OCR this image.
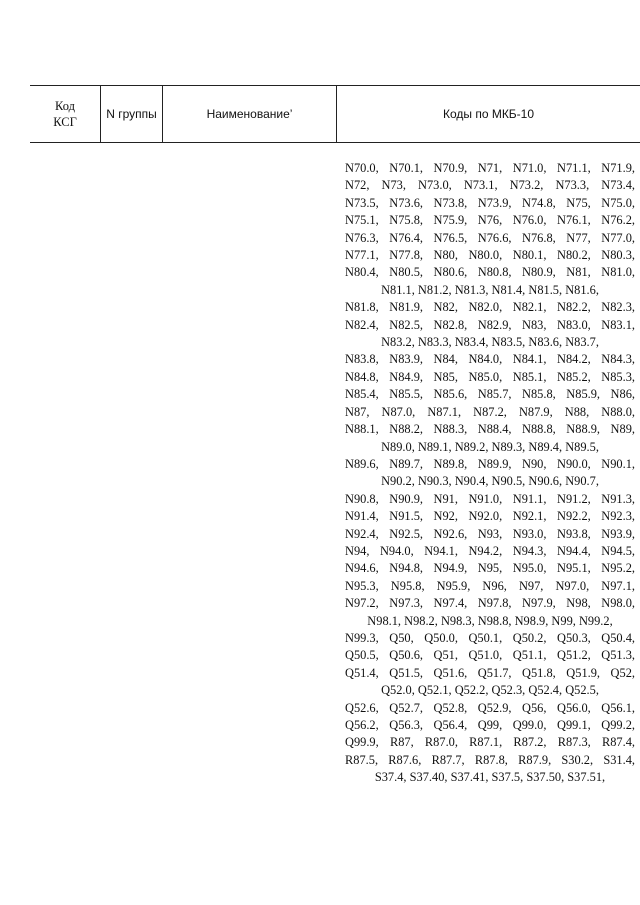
Код
КСГ
N группы	Наименование’	Коды по МКБ-10
N70.0, N70.1, N70.9, N71, N71.0, N71.1, N71.9,
N72, N73, N73.0, N73.1, N73.2, N73.3, N73.4,
N73.5, N73.6, N73.8, N73.9, N74.8, N75, N75.0,
N75.1, N75.8, N75.9, N76, N76.0, N76.1, N76.2,
N76.3, N76.4, N76.5, N76.6, N76.8, N77, N77.0,
N77.1, N77.8, N80, N80.0, N80.1, N80.2, N80.3,
N80.4, N80.5, N80.6, N80.8, N80.9, N81, N81.0,
N81.1, N81.2, N81.3, N81.4, N81.5, N81.6,
N81.8, N81.9, N82, N82.0, N82.1, N82.2, N82.3,
N82.4, N82.5, N82.8, N82.9, N83, N83.0, N83.1,
N83.2, N83.3, N83.4, N83.5, N83.6, N83.7,
N83.8, N83.9, N84, N84.0, N84.1, N84.2, N84.3,
N84.8, N84.9, N85, N85.0, N85.1, N85.2, N85.3,
N85.4, N85.5, N85.6, N85.7, N85.8, N85.9, N86,
N87, N87.0, N87.1, N87.2, N87.9, N88, N88.0,
N88.1, N88.2, N88.3, N88.4, N88.8, N88.9, N89,
N89.0, N89.1, N89.2, N89.3, N89.4, N89.5,
N89.6, N89.7, N89.8, N89.9, N90, N90.0, N90.1,
N90.2, N90.3, N90.4, N90.5, N90.6, N90.7,
N90.8, N90.9, N91, N91.0, N91.1, N91.2, N91.3,
N91.4, N91.5, N92, N92.0, N92.1, N92.2, N92.3,
N92.4, N92.5, N92.6, N93, N93.0, N93.8, N93.9,
N94, N94.0, N94.1, N94.2, N94.3, N94.4, N94.5,
N94.6, N94.8, N94.9, N95, N95.0, N95.1, N95.2,
N95.3, N95.8, N95.9, N96, N97, N97.0, N97.1,
N97.2, N97.3, N97.4, N97.8, N97.9, N98, N98.0,
N98.1, N98.2, N98.3, N98.8, N98.9, N99, N99.2,
N99.3, Q50, Q50.0, Q50.1, Q50.2, Q50.3, Q50.4,
Q50.5, Q50.6, Q51, Q51.0, Q51.1, Q51.2, Q51.3,
Q51.4, Q51.5, Q51.6, Q51.7, Q51.8, Q51.9, Q52,
Q52.0, Q52.1, Q52.2, Q52.3, Q52.4, Q52.5,
Q52.6, Q52.7, Q52.8, Q52.9, Q56, Q56.0, Q56.1,
Q56.2, Q56.3, Q56.4, Q99, Q99.0, Q99.1, Q99.2,
Q99.9, R87, R87.0, R87.1, R87.2, R87.3, R87.4,
R87.5, R87.6, R87.7, R87.8, R87.9, S30.2, S31.4,
S37.4, S37.40, S37.41, S37.5, S37.50, S37.51,
